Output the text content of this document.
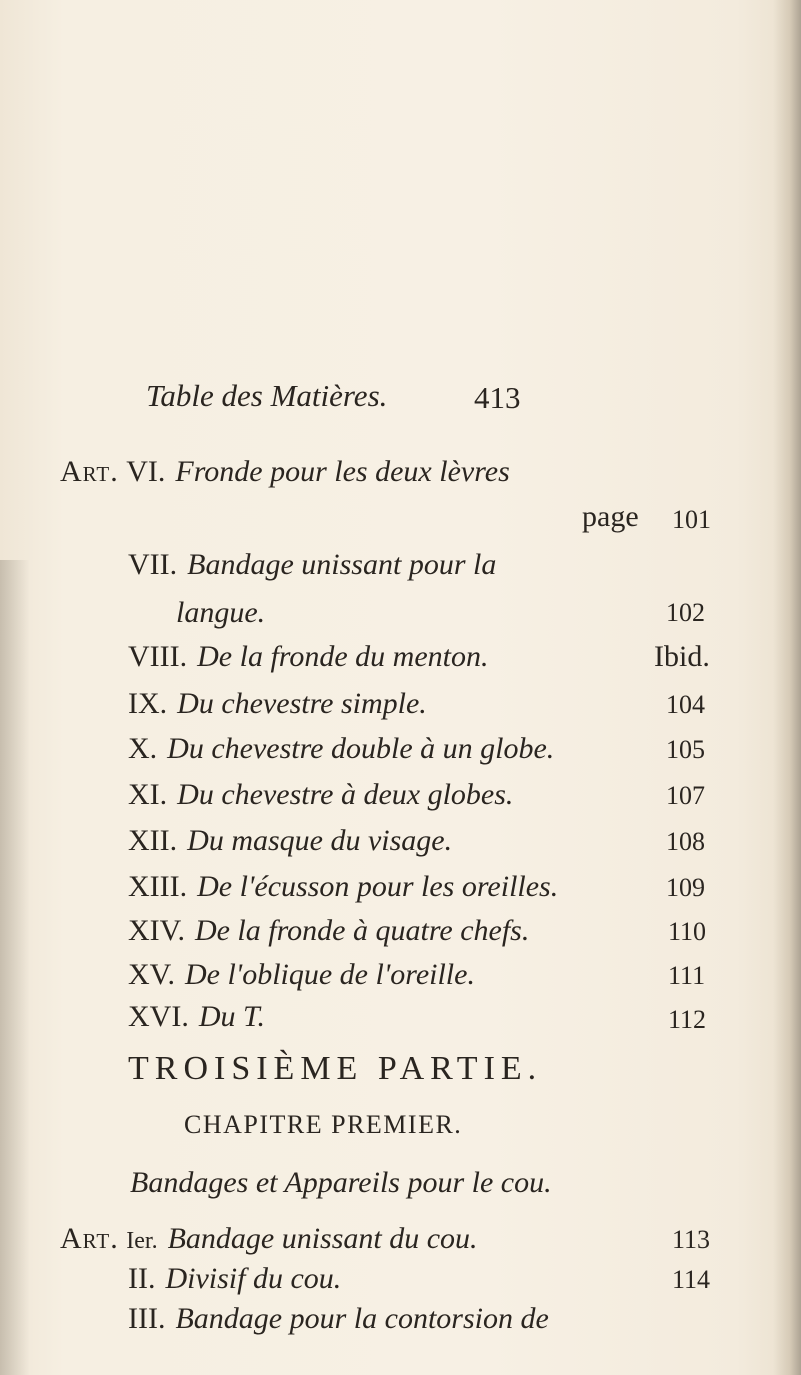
Table des Matières.	413
Art. VI. Fronde pour les deux lèvres
page 101
VII. Bandage unissant pour la
langue.	102
VIII. De la fronde du menton.	Ibid.
IX. Du chevestre simple.	104
X. Du chevestre double à un globe.	105
XI. Du chevestre à deux globes.	107
XII. Du masque du visage.	108
XIII. De l'écusson pour les oreilles.	109
XIV. De la fronde à quatre chefs.	110
XV. De l'oblique de l'oreille.	111
XVI. Du T.	112
TROISIÈME PARTIE.
CHAPITRE PREMIER.
Bandages et Appareils pour le cou.
Art. Ier. Bandage unissant du cou.	113
II. Divisif du cou.	114
III. Bandage pour la contorsion de
